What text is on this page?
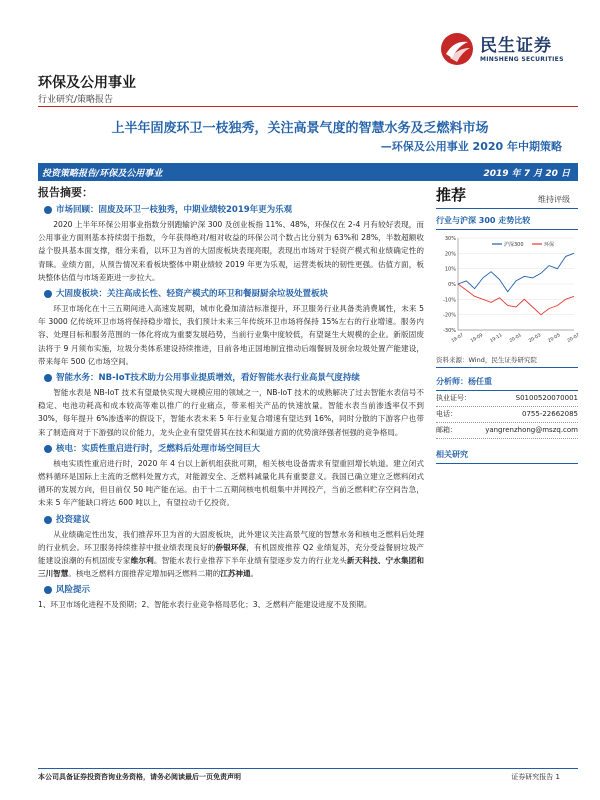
民生证券
MINSHENG SECURITIES
环保及公用事业
行业研究/策略报告
上半年固废环卫一枝独秀，关注高景气度的智慧水务及乏燃料市场
—环保及公用事业 2020 年中期策略
投资策略报告/环保及公用事业	2019 年 7 月 20 日
报告摘要：
市场回顾：固废及环卫一枝独秀，中期业绩较2019年更为乐观
2020 上半年环保公用事业指数分别跑输沪深 300 及创业板指 11%、48%，环保仅在 2-4 月有较好表现，而公用事业方面则基本持续弱于指数，今年获得绝对/相对收益的环保公司个数占比分别为 63%和 28%，半数超额收益个股具基本面支撑，细分来看，以环卫为首的大固废板块表现亮眼，表现出市场对于轻资产模式和业绩确定性的青睐。业绩方面，从预告情况来看板块整体中期业绩较 2019 年更为乐观，运营类板块的韧性更强。估值方面，板块整体估值与市场差距进一步拉大。
大固废板块：关注高成长性、轻资产模式的环卫和餐厨厨余垃圾处置板块
环卫市场化在十三五期间进入高速发展期，城市化叠加清洁标准提升，环卫服务行业具备类消费属性，未来 5 年 3000 亿传统环卫市场将保持稳步增长，我们预计未来三年传统环卫市场将保持 15%左右的行业增速。服务内容、处理目标和服务范围的一体化将成为重要发展趋势，当前行业集中度较低，有望诞生大规模的企业。新版固废法将于 9 月须布实施，垃圾分类体系建设持续推进，目前各地正国地制宜推动后端餐厨及厨余垃圾处置产能建设，带来每年 500 亿市场空间。
智能水务：NB-IoT技术助力公用事业提质增效，看好智能水表行业高景气度持续
智能水表是 NB-IoT 技术有望最快实现大规模应用的领域之一，NB-IoT 技术的成熟解决了过去智能水表信号不稳定、电池功耗高和成本较高等难以推广的行业痛点，带来相关产品的快速放量。智能水表当前渗透率仅不到 30%，每年提升 6%渗透率的假设下，智能水表未来 5 年行业复合增速有望达到 16%，同时分散的下游客户也带来了制造商对于下游强的议价能力，龙头企业有望凭借其在技术和渠道方面的优势演绎强者恒强的竞争格局。
核电：实质性重启进行时，乏燃料后处理市场空间巨大
核电实质性重启进行时，2020 年 4 台以上新机组获批可期，相关核电设备需求有望重回增长轨道。建立闭式燃料循环是国际上主流的乏燃料处置方式，对能源安全、乏燃料减量化具有重要意义。我国已确立建立乏燃料闭式循环的发展方向，但目前仅 50 吨产能在运。由于十二五期间核电机组集中并网投产，当前乏燃料贮存空间告急，未来 5 年产能缺口将达 600 吨以上，有望拉动千亿投资。
投资建议
从业绩确定性出发，我们推荐环卫为首的大固废板块，此外建议关注高景气度的智慧水务和核电乏燃料后处理的行业机会。环卫服务持续推荐中报业绩表现良好的侨银环保，有机固废推荐 Q2 业绩复苏，充分受益餐厨垃圾产能建设浪潮的有机固废专家维尔利。智能水表行业推荐下半年业绩有望逐步发力的行业龙头新天科技、宁水集团和三川智慧。核电乏燃料方面推荐定增加码乏燃料二期的江苏神通。
风险提示
1、环卫市场化进程不及预期；2、智能水表行业竞争格局恶化；3、乏燃料产能建设进度不及预期。
推荐	维持评级
行业与沪深 300 走势比较
30%
20%
10%
0%
-10%
-20%
-30%
19-07 19-09 19-11 20-01 20-03 20-05 20-07
沪深300	环保
资料来源：Wind，民生证券研究院
分析师：杨任重
执业证号：	S0100520070001
电话：	0755-22662085
邮箱：	yangrenzhong@mszq.com
相关研究
本公司具备证券投资咨询业务资格，请务必阅读最后一页免责声明	证券研究报告 1
